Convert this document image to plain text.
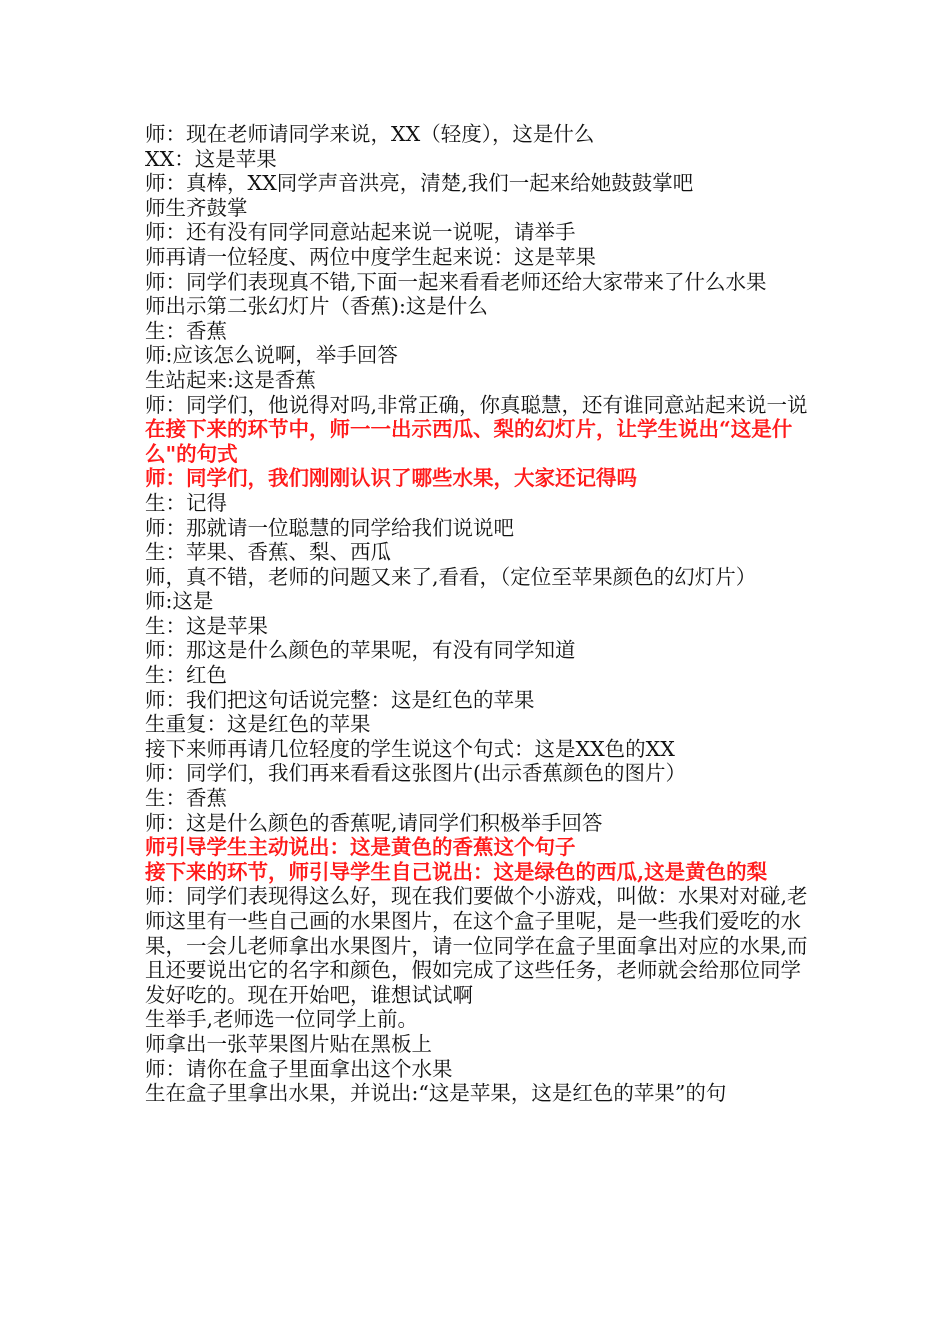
师：现在老师请同学来说，XX（轻度），这是什么

XX：这是苹果

师：真棒，XX同学声音洪亮，清楚,我们一起来给她鼓鼓掌吧

师生齐鼓掌

师：还有没有同学同意站起来说一说呢，请举手

师再请一位轻度、两位中度学生起来说：这是苹果

师：同学们表现真不错,下面一起来看看老师还给大家带来了什么水果

师出示第二张幻灯片（香蕉):这是什么

生：香蕉

师:应该怎么说啊，举手回答

生站起来:这是香蕉

师：同学们，他说得对吗,非常正确，你真聪慧，还有谁同意站起来说一说

在接下来的环节中，师一一出示西瓜、梨的幻灯片，让学生说出“这是什么"的句式

师：同学们，我们刚刚认识了哪些水果，大家还记得吗

生：记得

师：那就请一位聪慧的同学给我们说说吧

生：苹果、香蕉、梨、西瓜

师，真不错，老师的问题又来了,看看，（定位至苹果颜色的幻灯片）

师:这是

生：这是苹果

师：那这是什么颜色的苹果呢，有没有同学知道

生：红色

师：我们把这句话说完整：这是红色的苹果

生重复：这是红色的苹果

接下来师再请几位轻度的学生说这个句式：这是XX色的XX

师：同学们，我们再来看看这张图片(出示香蕉颜色的图片）

生：香蕉

师：这是什么颜色的香蕉呢,请同学们积极举手回答

师引导学生主动说出：这是黄色的香蕉这个句子

接下来的环节，师引导学生自己说出：这是绿色的西瓜,这是黄色的梨

师：同学们表现得这么好，现在我们要做个小游戏，叫做：水果对对碰,老师这里有一些自己画的水果图片，在这个盒子里呢，是一些我们爱吃的水果，一会儿老师拿出水果图片，请一位同学在盒子里面拿出对应的水果,而且还要说出它的名字和颜色，假如完成了这些任务，老师就会给那位同学发好吃的。现在开始吧，谁想试试啊

生举手,老师选一位同学上前。

师拿出一张苹果图片贴在黑板上

师：请你在盒子里面拿出这个水果

生在盒子里拿出水果，并说出:“这是苹果，这是红色的苹果”的句
